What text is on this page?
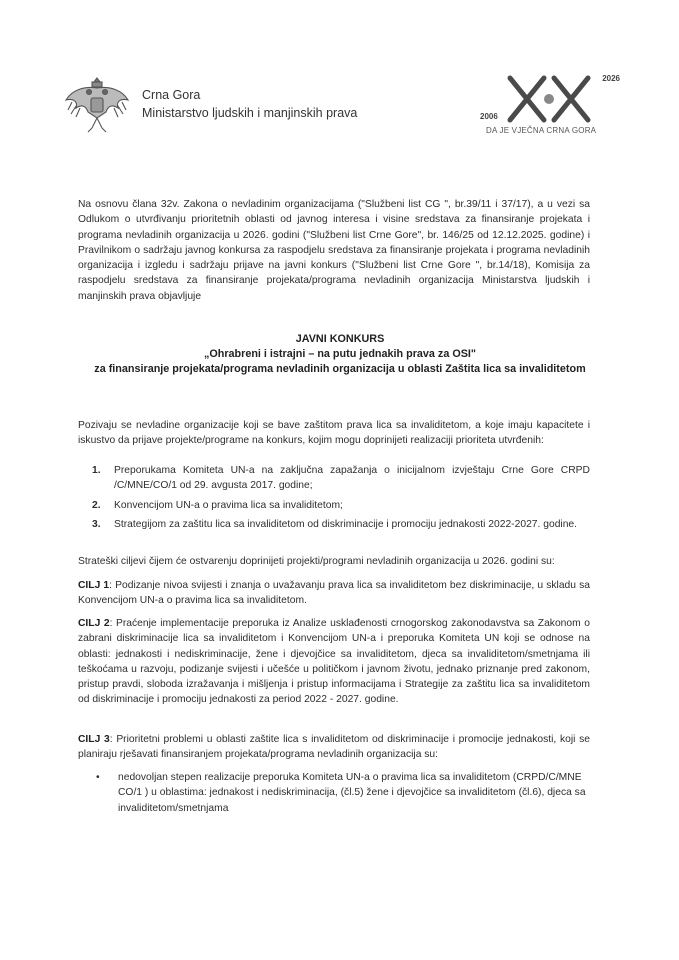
Crna Gora
Ministarstvo ljudskih i manjinskih prava	2006
2026
DA JE VJEČNA CRNA GORA
Na osnovu člana 32v. Zakona o nevladinim organizacijama ("Službeni list CG ", br.39/11 i 37/17), a u vezi sa Odlukom o utvrđivanju prioritetnih oblasti od javnog interesa i visine sredstava za finansiranje projekata i programa nevladinih organizacija u 2026. godini ("Službeni list Crne Gore", br. 146/25 od 12.12.2025. godine) i Pravilnikom o sadržaju javnog konkursa za raspodjelu sredstava za finansiranje projekata i programa nevladinih organizacija i izgledu i sadržaju prijave na javni konkurs ("Službeni list Crne Gore ", br.14/18), Komisija za raspodjelu sredstava za finansiranje projekata/programa nevladinih organizacija Ministarstva ljudskih i manjinskih prava objavljuje
JAVNI KONKURS
„Ohrabreni i istrajni – na putu jednakih prava za OSI"
za finansiranje projekata/programa nevladinih organizacija u oblasti Zaštita lica sa invaliditetom
Pozivaju se nevladine organizacije koji se bave zaštitom prava lica sa invaliditetom, a koje imaju kapacitete i iskustvo da prijave projekte/programe na konkurs, kojim mogu doprinijeti realizaciji prioriteta utvrđenih:
1. Preporukama Komiteta UN-a na zaključna zapažanja o inicijalnom izvještaju Crne Gore CRPD /C/MNE/CO/1 od 29. avgusta 2017. godine;
2. Konvencijom UN-a o pravima lica sa invaliditetom;
3. Strategijom za zaštitu lica sa invaliditetom od diskriminacije i promociju jednakosti 2022-2027. godine.
Strateški ciljevi čijem će ostvarenju doprinijeti projekti/programi nevladinih organizacija u 2026. godini su:
CILJ 1: Podizanje nivoa svijesti i znanja o uvažavanju prava lica sa invaliditetom bez diskriminacije, u skladu sa Konvencijom UN-a o pravima lica sa invaliditetom.
CILJ 2: Praćenje implementacije preporuka iz Analize usklađenosti crnogorskog zakonodavstva sa Zakonom o zabrani diskriminacije lica sa invaliditetom i Konvencijom UN-a i preporuka Komiteta UN koji se odnose na oblasti: jednakosti i nediskriminacije, žene i djevojčice sa invaliditetom, djeca sa invaliditetom/smetnjama ili teškoćama u razvoju, podizanje svijesti i učešće u političkom i javnom životu, jednako priznanje pred zakonom, pristup pravdi, sloboda izražavanja i mišljenja i pristup informacijama i Strategije za zaštitu lica sa invaliditetom od diskriminacije i promociju jednakosti za period 2022 - 2027. godine.
CILJ 3: Prioritetni problemi u oblasti zaštite lica s invaliditetom od diskriminacije i promocije jednakosti, koji se planiraju rješavati finansiranjem projekata/programa nevladinih organizacija su:
•	nedovoljan stepen realizacije preporuka Komiteta UN-a o pravima lica sa invaliditetom (CRPD/C/MNE CO/1 ) u oblastima: jednakost i nediskriminacija, (čl.5) žene i djevojčice sa invaliditetom (čl.6), djeca sa invaliditetom/smetnjama
